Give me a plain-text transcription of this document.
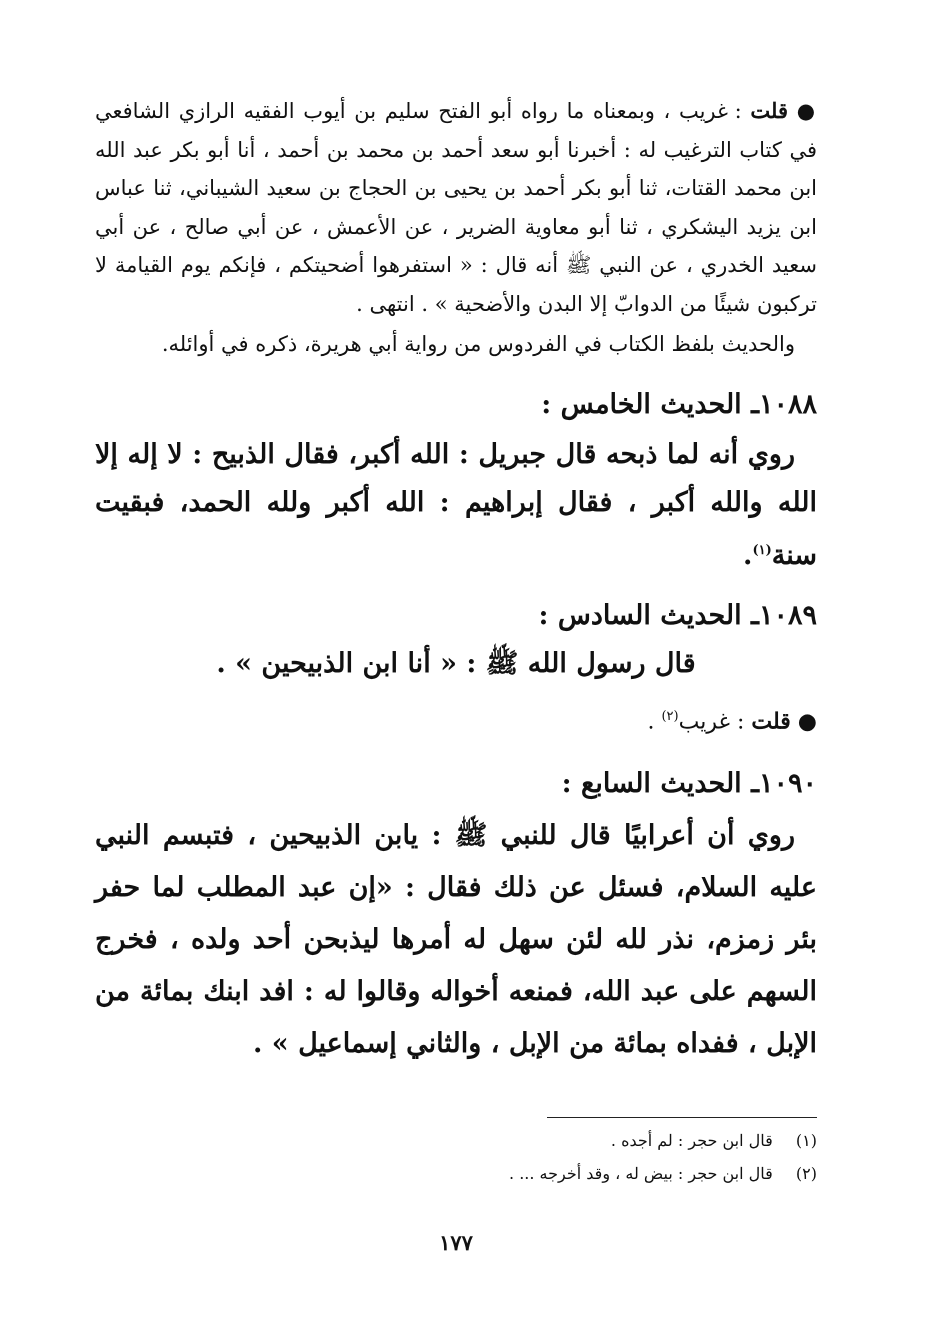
● قلت : غريب ، وبمعناه ما رواه أبو الفتح سليم بن أيوب الفقيه الرازي الشافعي في كتاب الترغيب له : أخبرنا أبو سعد أحمد بن محمد بن أحمد ، أنا أبو بكر عبد الله ابن محمد القتات، ثنا أبو بكر أحمد بن يحيى بن الحجاج بن سعيد الشيباني، ثنا عباس ابن يزيد اليشكري ، ثنا أبو معاوية الضرير ، عن الأعمش ، عن أبي صالح ، عن أبي سعيد الخدري ، عن النبي ﷺ أنه قال : « استفرهوا أضحيتكم ، فإنكم يوم القيامة لا تركبون شيئًا من الدوابّ إلا البدن والأضحية » . انتهى .

والحديث بلفظ الكتاب في الفردوس من رواية أبي هريرة، ذكره في أوائله.

١٠٨٨ـ الحديث الخامس :

روي أنه لما ذبحه قال جبريل : الله أكبر، فقال الذبيح : لا إله إلا الله والله أكبر ، فقال إبراهيم : الله أكبر ولله الحمد، فبقيت سنة$^{(١)}$.

١٠٨٩ـ الحديث السادس :

قال رسول الله ﷺ : « أنا ابن الذبيحين » .

● قلت : غريب$^{(٢)}$ .

١٠٩٠ـ الحديث السابع :

روي أن أعرابيًا قال للنبي ﷺ : يابن الذبيحين ، فتبسم النبي عليه السلام، فسئل عن ذلك فقال : «إن عبد المطلب لما حفر بئر زمزم، نذر لله لئن سهل له أمرها ليذبحن أحد ولده ، فخرج السهم على عبد الله، فمنعه أخواله وقالوا له : افد ابنك بمائة من الإبل ، ففداه بمائة من الإبل ، والثاني إسماعيل » .

(١) قال ابن حجر : لم أجده .

(٢) قال ابن حجر : بيض له ، وقد أخرجه ... .

١٧٧
